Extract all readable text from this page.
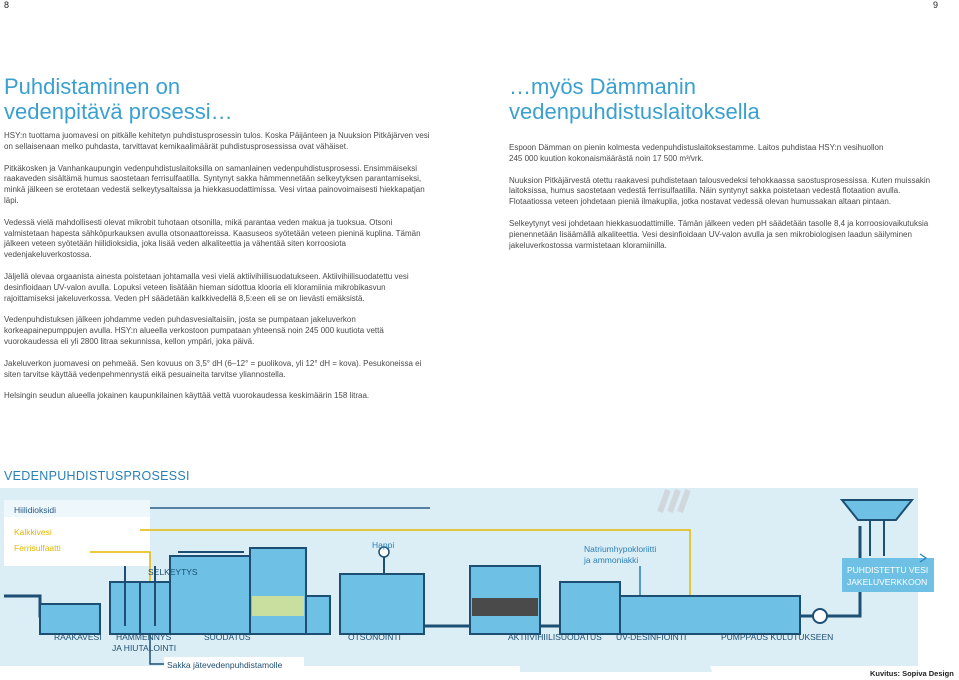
8	9
Puhdistaminen on
vedenpitävä prosessi…
…myös Dämmanin
vedenpuhdistuslaitoksella

HSY:n tuottama juomavesi on pitkälle kehitetyn puhdistusprosessin tulos. Koska Päijänteen ja Nuuksion Pitkäjärven vesi on sellaisenaan melko puhdasta, tarvittavat kemikaalimäärät puhdistusprosessissa ovat vähäiset.

Pitkäkosken ja Vanhankaupungin vedenpuhdistuslaitoksilla on samanlainen vedenpuhdistusprosessi. Ensimmäiseksi raakaveden sisältämä humus saostetaan ferrisulfaatilla. Syntynyt sakka hämmennetään selkeytyksen parantamiseksi, minkä jälkeen se erotetaan vedestä selkeytysaltaissa ja hiekkasuodattimissa. Vesi virtaa painovoimaisesti hiekkapatjan läpi.

Vedessä vielä mahdollisesti olevat mikrobit tuhotaan otsonilla, mikä parantaa veden makua ja tuoksua. Otsoni valmistetaan hapesta sähköpurkauksen avulla otsonaattoreissa. Kaasuseos syötetään veteen pieninä kuplina. Tämän jälkeen veteen syötetään hiilidioksidia, joka lisää veden alkaliteettia ja vähentää siten korroosiota vedenjakeluverkostossa.

Jäljellä olevaa orgaanista ainesta poistetaan johtamalla vesi vielä aktiivihiilisuodatukseen. Aktiivihiilisuodatettu vesi desinfioidaan UV-valon avulla. Lopuksi veteen lisätään hieman sidottua klooria eli kloramiinia mikrobikasvun rajoittamiseksi jakeluverkossa. Veden pH säädetään kalkkivedellä 8,5:een eli se on lievästi emäksistä.

Vedenpuhdistuksen jälkeen johdamme veden puhdasvesialtaisiin, josta se pumpataan jakeluverkon korkeapainepumppujen avulla. HSY:n alueella verkostoon pumpataan yhteensä noin 245 000 kuutiota vettä vuorokaudessa eli yli 2800 litraa sekunnissa, kellon ympäri, joka päivä.

Jakeluverkon juomavesi on pehmeää. Sen kovuus on 3,5° dH (6–12° = puolikova, yli 12° dH = kova). Pesukoneissa ei siten tarvitse käyttää vedenpehmennystä eikä pesuaineita tarvitse yliannostella.

Helsingin seudun alueella jokainen kaupunkilainen käyttää vettä vuorokaudessa keskimäärin 158 litraa.

Espoon Dämman on pienin kolmesta vedenpuhdistuslaitoksestamme. Laitos puhdistaa HSY:n vesihuollon
245 000 kuution kokonaismäärästä noin 17 500 m³/vrk.

Nuuksion Pitkäjärvestä otettu raakavesi puhdistetaan talousvedeksi tehokkaassa saostusprosessissa. Kuten muissakin laitoksissa, humus saostetaan vedestä ferrisulfaatilla. Näin syntynyt sakka poistetaan vedestä flotaation avulla. Flotaatiossa veteen johdetaan pieniä ilmakuplia, jotka nostavat vedessä olevan humussakan altaan pintaan.

Selkeytynyt vesi johdetaan hiekkasuodattimille. Tämän jälkeen veden pH säädetään tasolle 8,4 ja korroosiovaikutuksia pienennetään lisäämällä alkaliteettia. Vesi desinfioidaan UV-valon avulla ja sen mikrobiologisen laadun säilyminen jakeluverkostossa varmistetaan kloramiinilla.

VEDENPUHDISTUSPROSESSI
Hiilidioksidi
Kalkkivesi
Ferrisulfaatti
SELKEYTYS
Happi	Natriumhypokloriitti
ja ammoniakki
PUHDISTETTU VESI
JAKELUVERKKOON
RAAKAVESI HÄMMENNYS
JA HIUTALOINTI
SUODATUS	OTSONOINTI	AKTIIVIHIILISUODATUS UV-DESINFIOINTI	PUMPPAUS KULUTUKSEEN
Sakka jätevedenpuhdistamolle
Kuvitus: Sopiva Design
